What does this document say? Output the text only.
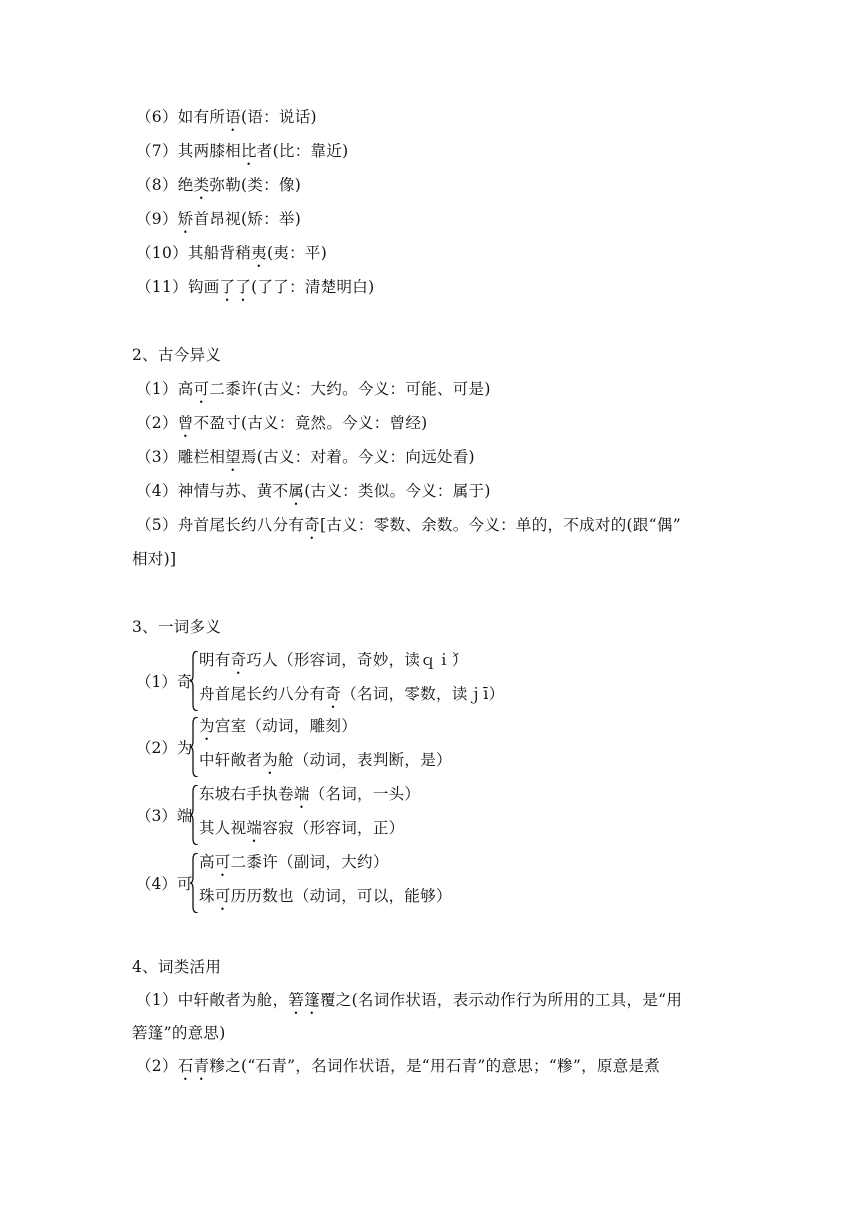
（6）如有所语(语：说话)
（7）其两膝相比者(比：靠近)
（8）绝类弥勒(类：像)
（9）矫首昂视(矫：举)
（10）其船背稍夷(夷：平)
（11）钩画了了(了了：清楚明白)
2、古今异义
（1）高可二黍许(古义：大约。今义：可能、可是)
（2）曾不盈寸(古义：竟然。今义：曾经)
（3）雕栏相望焉(古义：对着。今义：向远处看)
（4）神情与苏、黄不属(古义：类似。今义：属于)
（5）舟首尾长约八分有奇[古义：零数、余数。今义：单的，不成对的(跟“偶”
相对)]
3、一词多义
（1）奇
明有奇巧人（形容词，奇妙，读ｑｉ́）
舟首尾长约八分有奇（名词，零数，读ｊī）
（2）为
为宫室（动词，雕刻）
中轩敞者为舱（动词，表判断，是）
（3）端
东坡右手执卷端（名词，一头）
其人视端容寂（形容词，正）
（4）可
高可二黍许（副词，大约）
珠可历历数也（动词，可以，能够）
4、词类活用
（1）中轩敞者为舱，箬篷覆之(名词作状语，表示动作行为所用的工具，是“用
箬篷”的意思)
（2）石青糁之(“石青”，名词作状语，是“用石青”的意思；“糁”，原意是煮
